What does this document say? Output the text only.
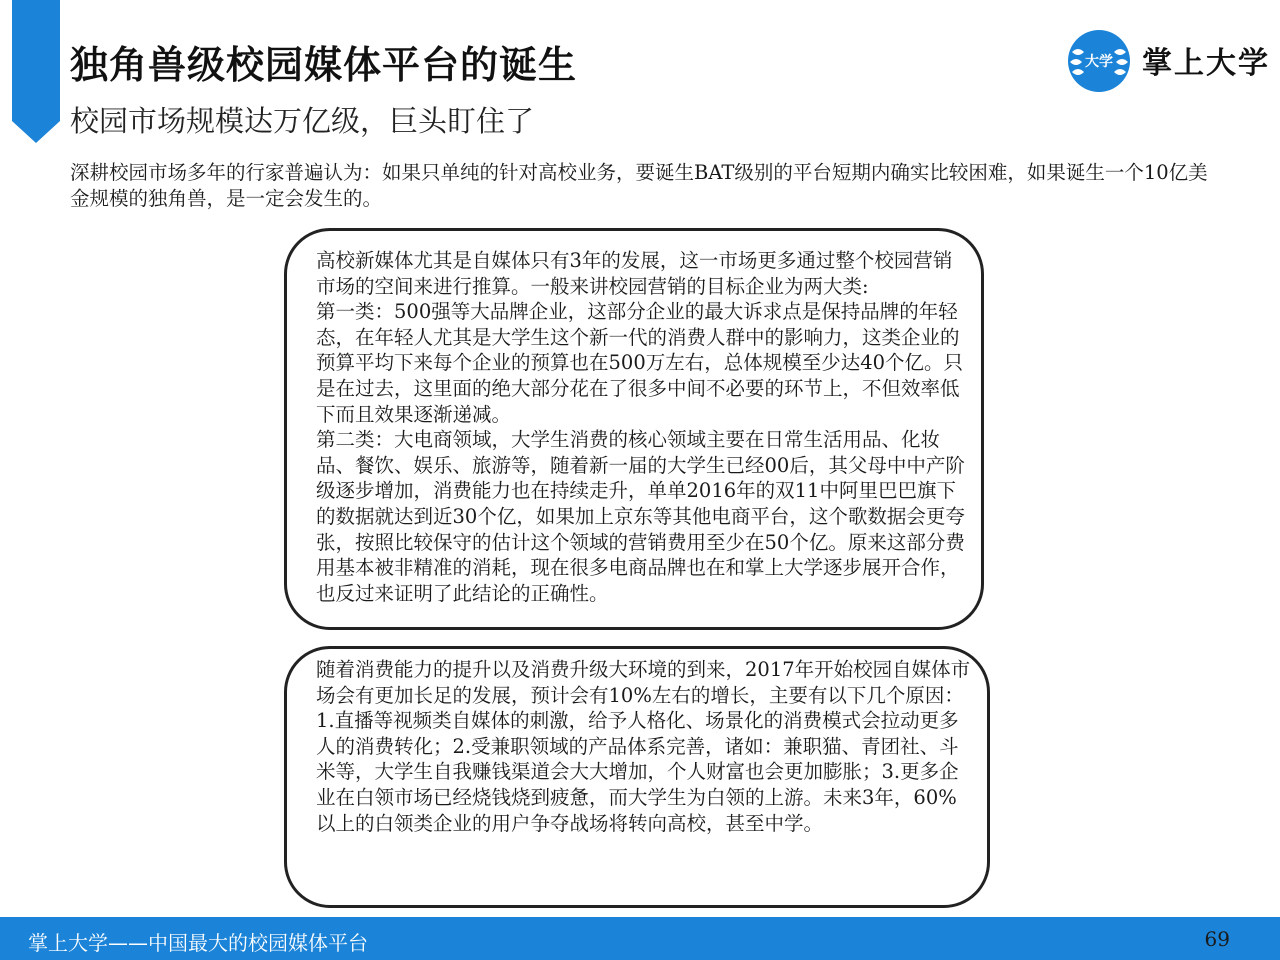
独角兽级校园媒体平台的诞生
校园市场规模达万亿级，巨头盯住了
大学 掌上大学
深耕校园市场多年的行家普遍认为：如果只单纯的针对高校业务，要诞生BAT级别的平台短期内确实比较困难，如果诞生一个10亿美金规模的独角兽，是一定会发生的。

高校新媒体尤其是自媒体只有3年的发展，这一市场更多通过整个校园营销市场的空间来进行推算。一般来讲校园营销的目标企业为两大类:

第一类：500强等大品牌企业，这部分企业的最大诉求点是保持品牌的年轻态，在年轻人尤其是大学生这个新一代的消费人群中的影响力，这类企业的预算平均下来每个企业的预算也在500万左右，总体规模至少达40个亿。只是在过去，这里面的绝大部分花在了很多中间不必要的环节上，不但效率低下而且效果逐渐递减。

第二类：大电商领域，大学生消费的核心领域主要在日常生活用品、化妆品、餐饮、娱乐、旅游等，随着新一届的大学生已经00后，其父母中中产阶级逐步增加，消费能力也在持续走升，单单2016年的双11中阿里巴巴旗下的数据就达到近30个亿，如果加上京东等其他电商平台，这个歌数据会更夸张，按照比较保守的估计这个领域的营销费用至少在50个亿。原来这部分费用基本被非精准的消耗，现在很多电商品牌也在和掌上大学逐步展开合作，也反过来证明了此结论的正确性。

随着消费能力的提升以及消费升级大环境的到来，2017年开始校园自媒体市场会有更加长足的发展，预计会有10%左右的增长，主要有以下几个原因：

1.直播等视频类自媒体的刺激，给予人格化、场景化的消费模式会拉动更多人的消费转化；2.受兼职领域的产品体系完善，诸如：兼职猫、青团社、斗米等，大学生自我赚钱渠道会大大增加，个人财富也会更加膨胀；3.更多企业在白领市场已经烧钱烧到疲惫，而大学生为白领的上游。未来3年，60%以上的白领类企业的用户争夺战场将转向高校，甚至中学。

掌上大学——中国最大的校园媒体平台	69
